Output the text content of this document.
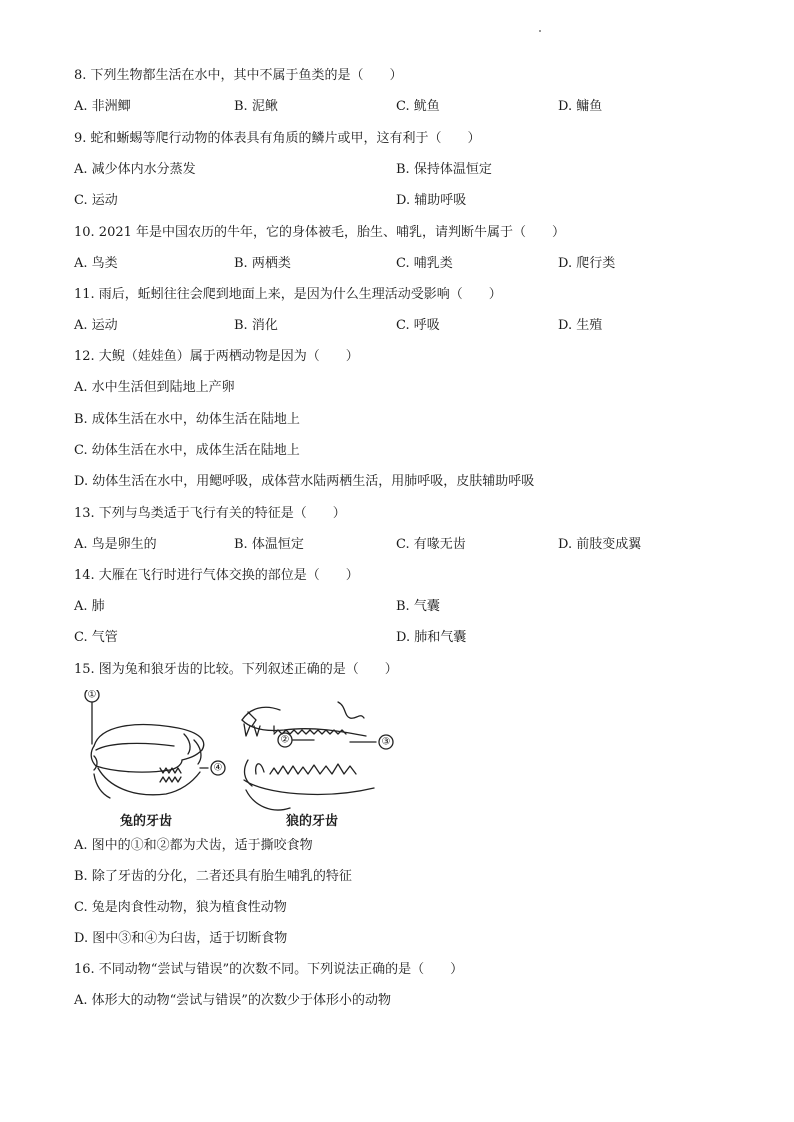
8. 下列生物都生活在水中，其中不属于鱼类的是（　　）
A. 非洲鲫	B. 泥鳅	C. 鱿鱼	D. 鳙鱼
9. 蛇和蜥蜴等爬行动物的体表具有角质的鳞片或甲，这有利于（　　）
A. 减少体内水分蒸发	B. 保持体温恒定
C. 运动	D. 辅助呼吸
10. 2021 年是中国农历的牛年，它的身体被毛，胎生、哺乳，请判断牛属于（　　）
A. 鸟类	B. 两栖类	C. 哺乳类	D. 爬行类
11. 雨后，蚯蚓往往会爬到地面上来，是因为什么生理活动受影响（　　）
A. 运动	B. 消化	C. 呼吸	D. 生殖
12. 大鲵（娃娃鱼）属于两栖动物是因为（　　）
A. 水中生活但到陆地上产卵
B. 成体生活在水中，幼体生活在陆地上
C. 幼体生活在水中，成体生活在陆地上
D. 幼体生活在水中，用鳃呼吸，成体营水陆两栖生活，用肺呼吸，皮肤辅助呼吸
13. 下列与鸟类适于飞行有关的特征是（　　）
A. 鸟是卵生的	B. 体温恒定	C. 有喙无齿	D. 前肢变成翼
14. 大雁在飞行时进行气体交换的部位是（　　）
A. 肺	B. 气囊
C. 气管	D. 肺和气囊
15. 图为兔和狼牙齿的比较。下列叙述正确的是（　　）
①
④
②	③
兔的牙齿	狼的牙齿
A. 图中的①和②都为犬齿，适于撕咬食物
B. 除了牙齿的分化，二者还具有胎生哺乳的特征
C. 兔是肉食性动物，狼为植食性动物
D. 图中③和④为臼齿，适于切断食物
16. 不同动物“尝试与错误”的次数不同。下列说法正确的是（　　）
A. 体形大的动物“尝试与错误”的次数少于体形小的动物
